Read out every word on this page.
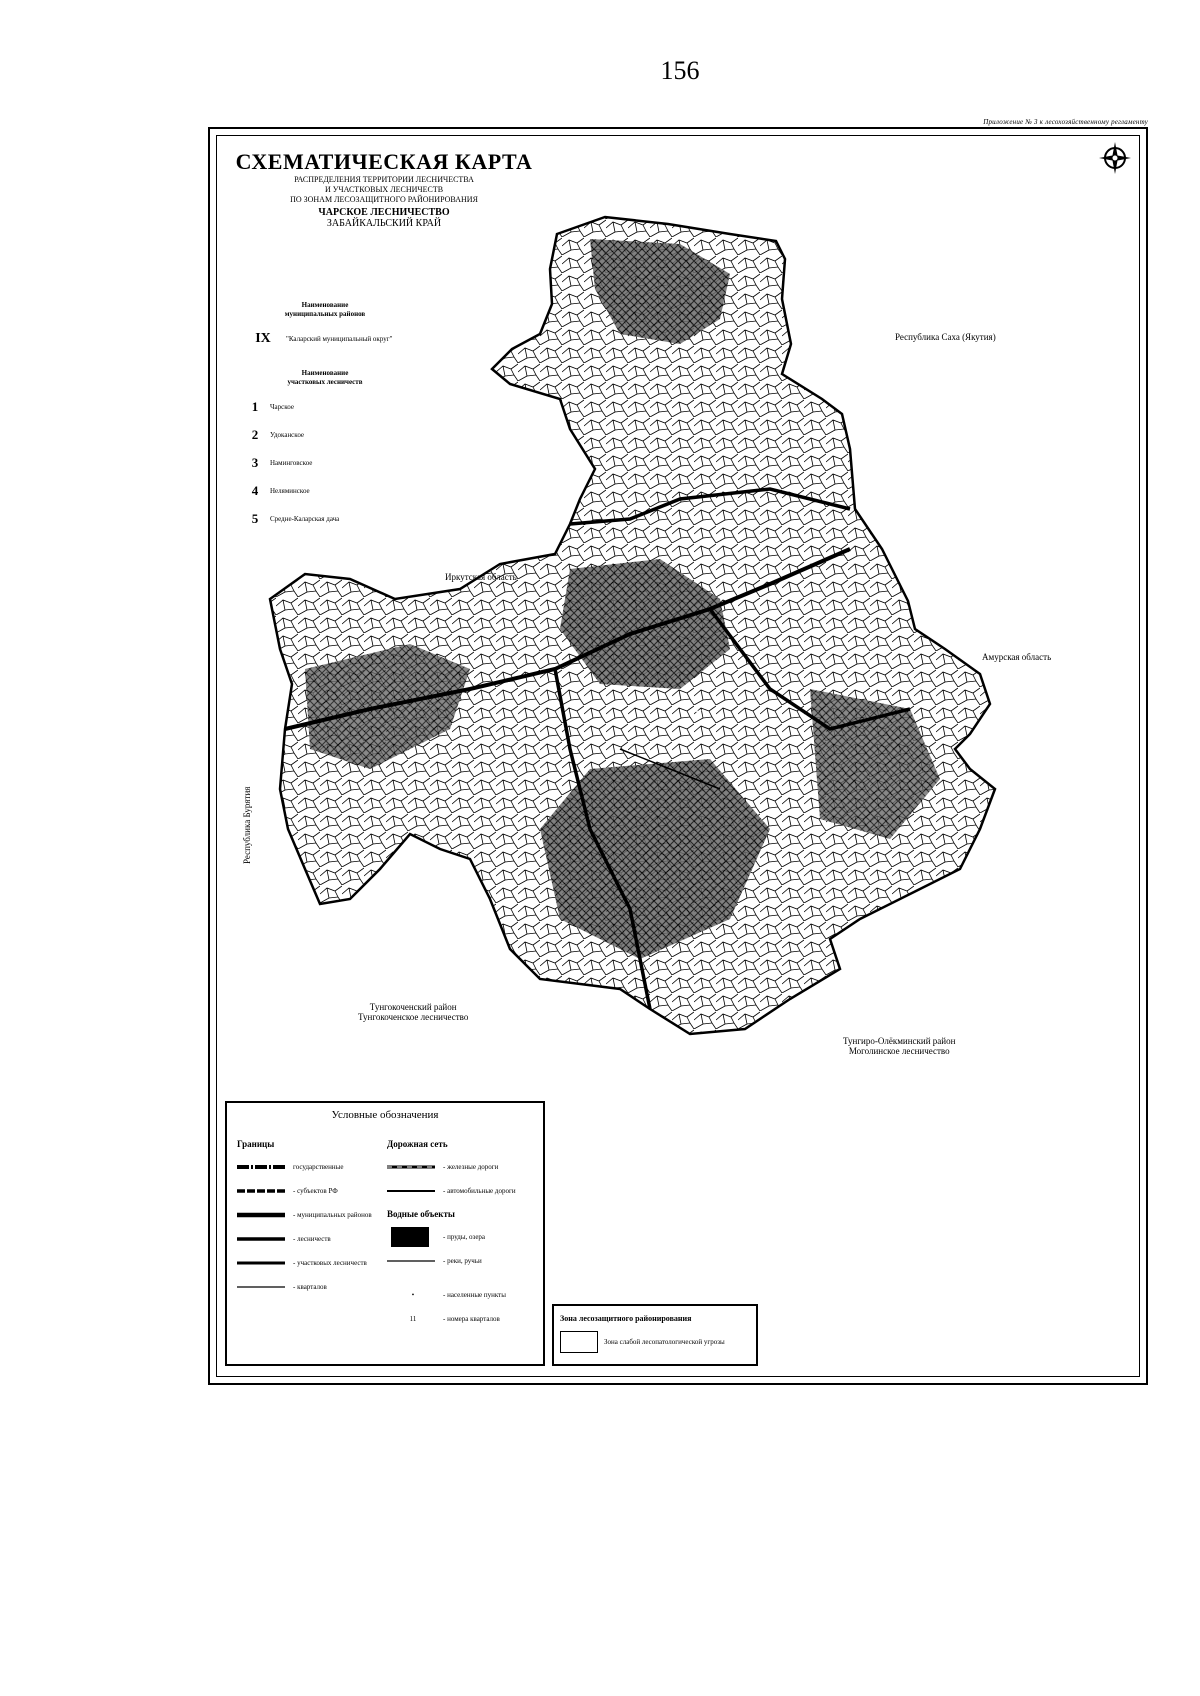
156
Приложение № 3 к лесохозяйственному регламенту
IX
СХЕМАТИЧЕСКАЯ КАРТА
РАСПРЕДЕЛЕНИЯ ТЕРРИТОРИИ ЛЕСНИЧЕСТВА
И УЧАСТКОВЫХ ЛЕСНИЧЕСТВ
ПО ЗОНАМ ЛЕСОЗАЩИТНОГО РАЙОНИРОВАНИЯ
ЧАРСКОЕ ЛЕСНИЧЕСТВО
ЗАБАЙКАЛЬСКИЙ КРАЙ
Наименование
муниципальных районов
IX	"Каларский муниципальный округ"
Наименование
участковых лесничеств
1	Чарское
2	Удоканское
3	Наминговское
4	Неляминское
5	Средне-Каларская дача
Республика Саха (Якутия)
Иркутская область
Амурская область
Республика Бурятия
Тунгокоченский район
Тунгокоченское лесничество
Тунгиро-Олёкминский район
Моголинское лесничество
Условные обозначения
Границы
государственные
- субъектов РФ
- муниципальных районов
- лесничеств
- участковых лесничеств
- кварталов
Дорожная сеть
- железные дороги
- автомобильные дороги
Водные объекты
- пруды, озера
- реки, ручьи
•	- населенные пункты
11	- номера кварталов	Зона лесозащитного районирования
Зона слабой лесопатологической угрозы
